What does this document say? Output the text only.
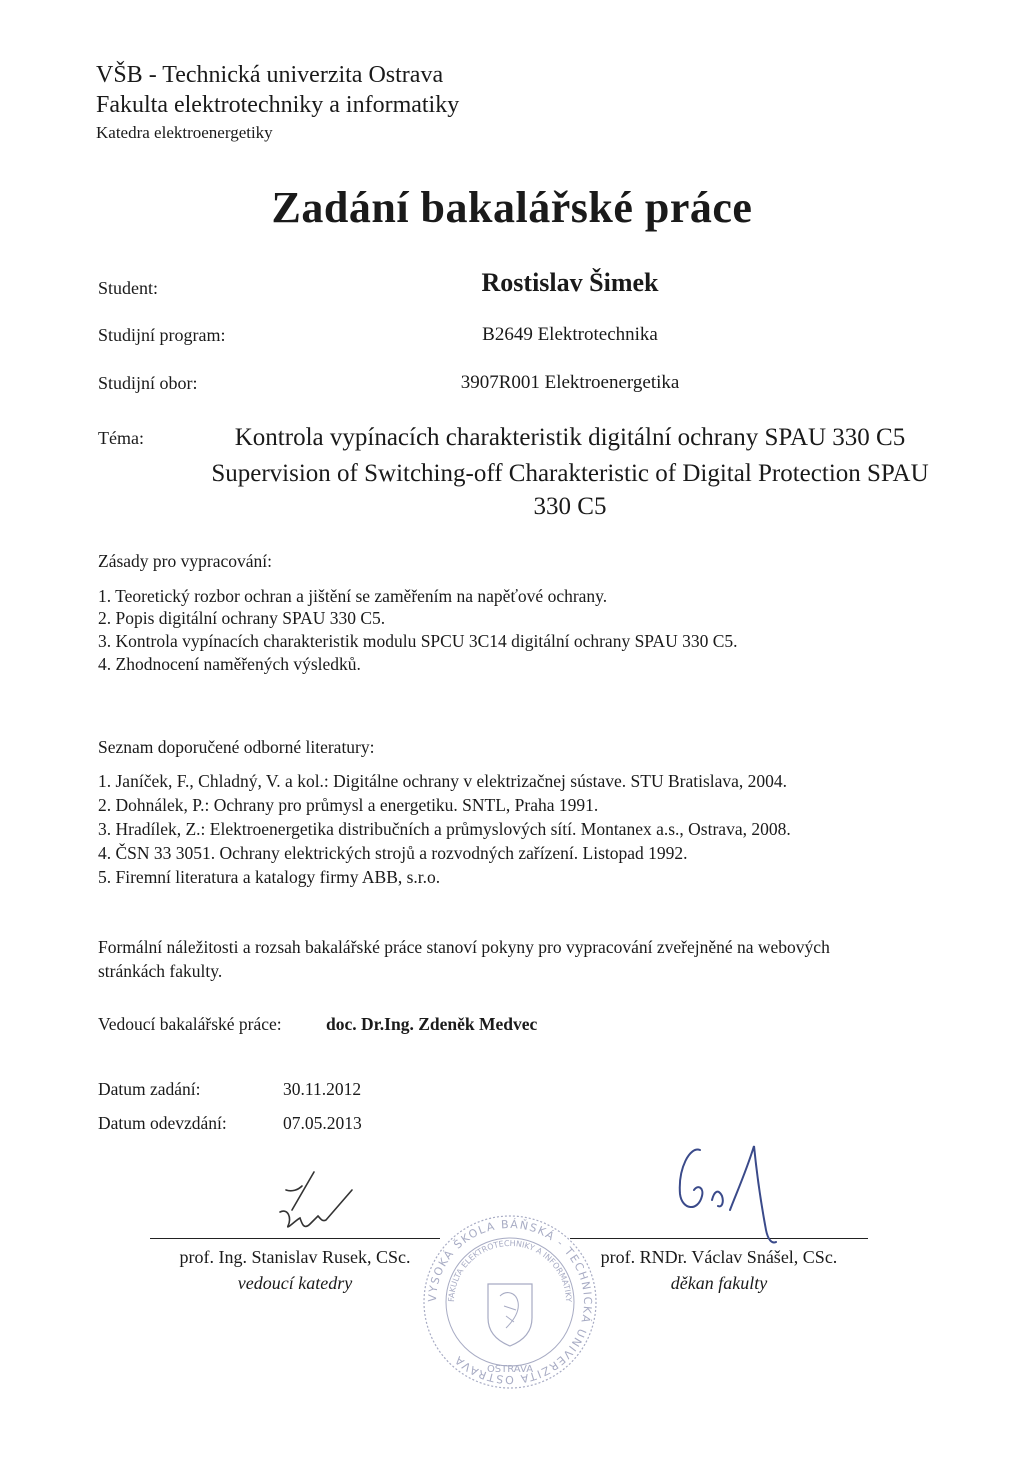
VŠB - Technická univerzita Ostrava
Fakulta elektrotechniky a informatiky
Katedra elektroenergetiky
Zadání bakalářské práce
Student:	Rostislav Šimek
Studijní program:	B2649 Elektrotechnika
Studijní obor:	3907R001 Elektroenergetika
Téma:	Kontrola vypínacích charakteristik digitální ochrany SPAU 330 C5
Supervision of Switching-off Charakteristic of Digital Protection SPAU
330 C5
Zásady pro vypracování:
1. Teoretický rozbor ochran a jištění se zaměřením na napěťové ochrany.
2. Popis digitální ochrany SPAU 330 C5.
3. Kontrola vypínacích charakteristik modulu SPCU 3C14 digitální ochrany SPAU 330 C5.
4. Zhodnocení naměřených výsledků.
Seznam doporučené odborné literatury:
1. Janíček, F., Chladný, V. a kol.: Digitálne ochrany v elektrizačnej sústave. STU Bratislava, 2004.
2. Dohnálek, P.: Ochrany pro průmysl a energetiku. SNTL, Praha 1991.
3. Hradílek, Z.: Elektroenergetika distribučních a průmyslových sítí. Montanex a.s., Ostrava, 2008.
4. ČSN 33 3051. Ochrany elektrických strojů a rozvodných zařízení. Listopad 1992.
5. Firemní literatura a katalogy firmy ABB, s.r.o.
Formální náležitosti a rozsah bakalářské práce stanoví pokyny pro vypracování zveřejněné na webových
stránkách fakulty.
Vedoucí bakalářské práce:	doc. Dr.Ing. Zdeněk Medvec
Datum zadání:	30.11.2012
Datum odevzdání:	07.05.2013
VYSOKÁ ŠKOLA BÁŇSKÁ - TECHNICKÁ UNIVERZITA OSTRAVA
FAKULTA ELEKTROTECHNIKY A INFORMATIKY
OSTRAVA
prof. Ing. Stanislav Rusek, CSc.
vedoucí katedry
prof. RNDr. Václav Snášel, CSc.
děkan fakulty
